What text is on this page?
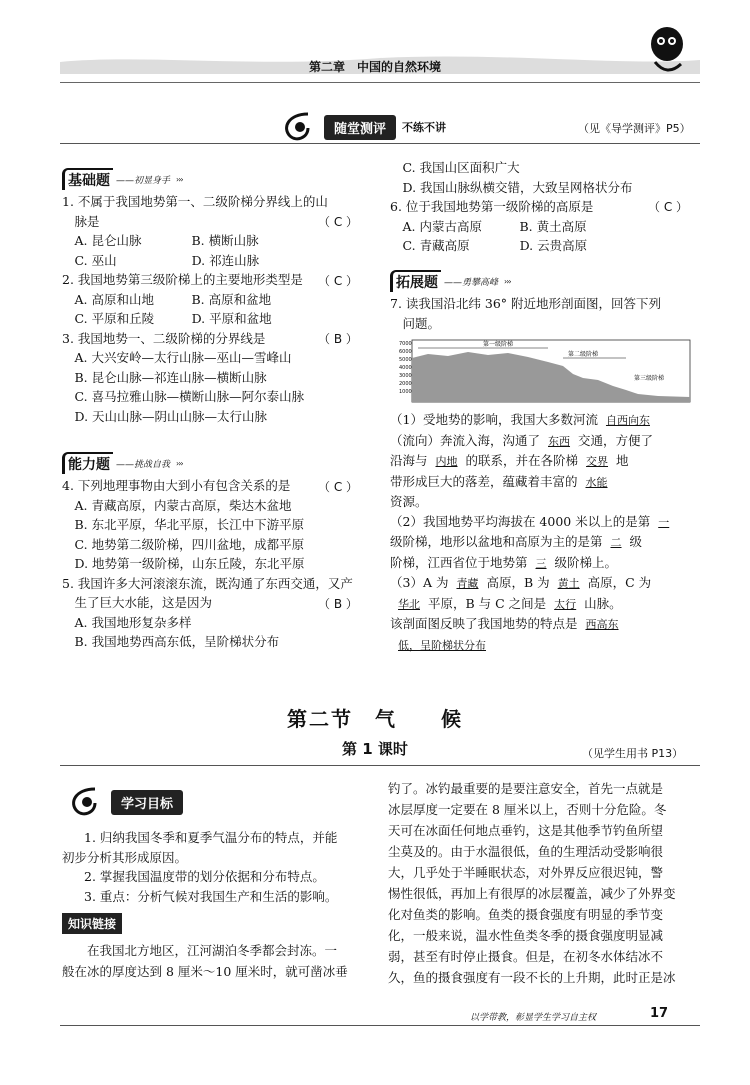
第二章　中国的自然环境
随堂测评	不练不讲	（见《导学测评》P5）
基础题 ——初显身手 ›››
1. 不属于我国地势第一、二级阶梯分界线上的山
　脉是
　A. 昆仑山脉　　　　B. 横断山脉
　C. 巫山　　　　　　D. 祁连山脉
2. 我国地势第三级阶梯上的主要地形类型是
　A. 高原和山地　　　B. 高原和盆地
　C. 平原和丘陵　　　D. 平原和盆地
3. 我国地势一、二级阶梯的分界线是
　A. 大兴安岭—太行山脉—巫山—雪峰山
　B. 昆仑山脉—祁连山脉—横断山脉
　C. 喜马拉雅山脉—横断山脉—阿尔泰山脉
　D. 天山山脉—阴山山脉—太行山脉
（ C ）
（ C ）
（ B ）
能力题 ——挑战自我 ›››
4. 下列地理事物由大到小有包含关系的是
　A. 青藏高原，内蒙古高原，柴达木盆地
　B. 东北平原，华北平原，长江中下游平原
　C. 地势第二级阶梯，四川盆地，成都平原
　D. 地势第一级阶梯，山东丘陵，东北平原
5. 我国许多大河滚滚东流，既沟通了东西交通，又产
　生了巨大水能，这是因为
　A. 我国地形复杂多样
　B. 我国地势西高东低，呈阶梯状分布
（ C ）
（ B ）
　C. 我国山区面积广大
　D. 我国山脉纵横交错，大致呈网格状分布
6. 位于我国地势第一级阶梯的高原是
　A. 内蒙古高原　　　B. 黄土高原
　C. 青藏高原　　　　D. 云贵高原
（ C ）
拓展题 ——勇攀高峰 ›››
7. 读我国沿北纬 36° 附近地形剖面图，回答下列
　问题。
7000
6000
5000
4000
3000
2000
1000
第一级阶梯
第二级阶梯
第三级阶梯
（1）受地势的影响，我国大多数河流 自西向东
（流向）奔流入海，沟通了 东西 交通，方便了
沿海与 内地 的联系，并在各阶梯 交界 地
带形成巨大的落差，蕴藏着丰富的 水能
资源。
（2）我国地势平均海拔在 4000 米以上的是第 一
级阶梯，地形以盆地和高原为主的是第 二 级
阶梯，江西省位于地势第 三 级阶梯上。
（3）A 为 青藏 高原，B 为 黄土 高原，C 为
华北 平原，B 与 C 之间是 太行 山脉。
该剖面图反映了我国地势的特点是 西高东
低，呈阶梯状分布
第二节　气　　候
第 1 课时	（见学生用书 P13）
学习目标
1. 归纳我国冬季和夏季气温分布的特点，并能
初步分析其形成原因。
2. 掌握我国温度带的划分依据和分布特点。
3. 重点：分析气候对我国生产和生活的影响。
知识链接
　　在我国北方地区，江河湖泊冬季都会封冻。一
般在冰的厚度达到 8 厘米～10 厘米时，就可凿冰垂
钓了。冰钓最重要的是要注意安全，首先一点就是
冰层厚度一定要在 8 厘米以上，否则十分危险。冬
天可在冰面任何地点垂钓，这是其他季节钓鱼所望
尘莫及的。由于水温很低，鱼的生理活动受影响很
大，几乎处于半睡眠状态，对外界反应很迟钝，警
惕性很低，再加上有很厚的冰层覆盖，减少了外界变
化对鱼类的影响。鱼类的摄食强度有明显的季节变
化，一般来说，温水性鱼类冬季的摄食强度明显减
弱，甚至有时停止摄食。但是，在初冬水体结冰不
久，鱼的摄食强度有一段不长的上升期，此时正是冰
以学带教，彰显学生学习自主权	17
